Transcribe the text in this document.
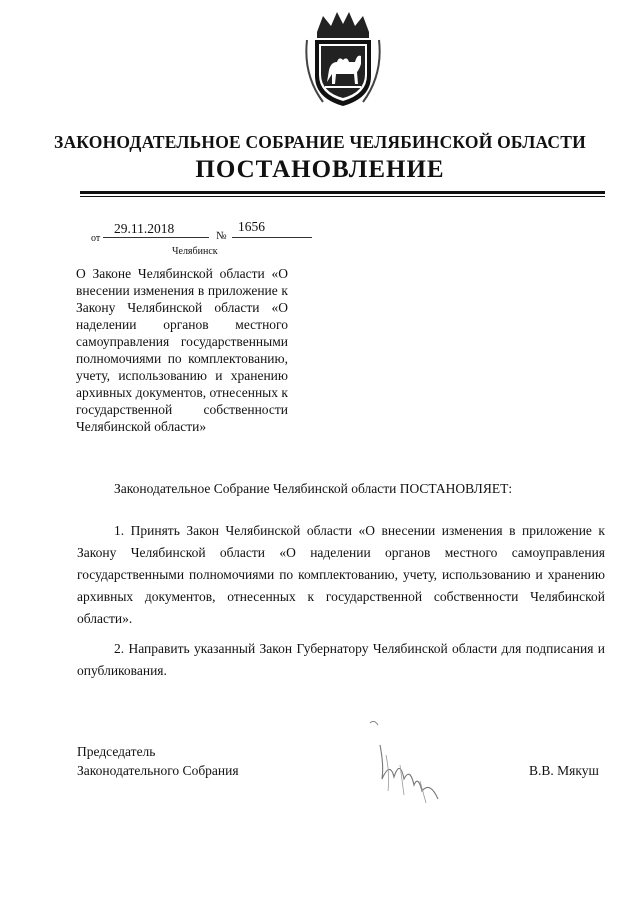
ЗАКОНОДАТЕЛЬНОЕ СОБРАНИЕ ЧЕЛЯБИНСКОЙ ОБЛАСТИ
ПОСТАНОВЛЕНИЕ
от
29.11.2018	№
1656
Челябинск
О Законе Челябинской области «О внесении изменения в приложение к Закону Челябинской области «О наделении органов местного самоуправления государственными полномочиями по комплектованию, учету, использованию и хранению архивных документов, отнесенных к государственной собственности Челябинской области»
Законодательное Собрание Челябинской области ПОСТАНОВЛЯЕТ:

1. Принять Закон Челябинской области «О внесении изменения в приложение к Закону Челябинской области «О наделении органов местного самоуправления государственными полномочиями по комплектованию, учету, использованию и хранению архивных документов, отнесенных к государственной собственности Челябинской области».

2. Направить указанный Закон Губернатору Челябинской области для подписания и опубликования.

Председатель
Законодательного Собрания	В.В. Мякуш
